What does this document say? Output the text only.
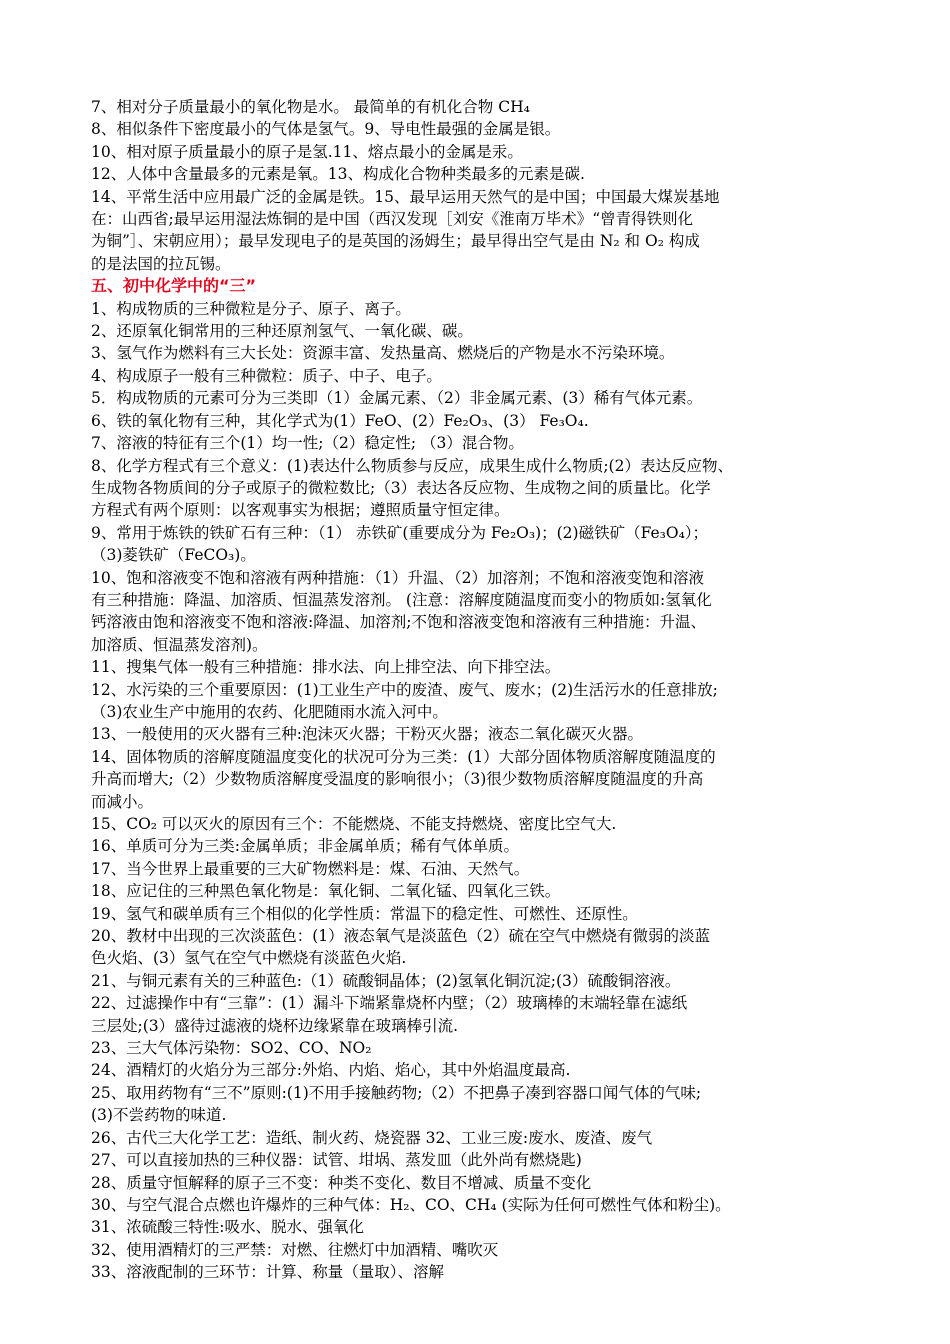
7、相对分子质量最小的氧化物是水。 最简单的有机化合物 CH₄
8、相似条件下密度最小的气体是氢气。9、导电性最强的金属是银。
10、相对原子质量最小的原子是氢.11、熔点最小的金属是汞。
12、人体中含量最多的元素是氧。13、构成化合物种类最多的元素是碳.
14、平常生活中应用最广泛的金属是铁。15、最早运用天然气的是中国；中国最大煤炭基地
在：山西省;最早运用湿法炼铜的是中国（西汉发现［刘安《淮南万毕术》“曾青得铁则化
为铜”］、宋朝应用）；最早发现电子的是英国的汤姆生；最早得出空气是由 N₂ 和 O₂ 构成
的是法国的拉瓦锡。
五、初中化学中的“三”
1、构成物质的三种微粒是分子、原子、离子。
2、还原氧化铜常用的三种还原剂氢气、一氧化碳、碳。
3、氢气作为燃料有三大长处：资源丰富、发热量高、燃烧后的产物是水不污染环境。
4、构成原子一般有三种微粒：质子、中子、电子。
5．构成物质的元素可分为三类即（1）金属元素、（2）非金属元素、(3）稀有气体元素。
6、铁的氧化物有三种，其化学式为(1）FeO、(2）Fe₂O₃、(3） Fe₃O₄.
7、溶液的特征有三个(1）均一性;（2）稳定性; （3）混合物。
8、化学方程式有三个意义：(1)表达什么物质参与反应，成果生成什么物质;(2）表达反应物、
生成物各物质间的分子或原子的微粒数比;（3）表达各反应物、生成物之间的质量比。化学
方程式有两个原则：以客观事实为根据；遵照质量守恒定律。
9、常用于炼铁的铁矿石有三种：（1） 赤铁矿(重要成分为 Fe₂O₃)；(2)磁铁矿（Fe₃O₄）；
（3)菱铁矿（FeCO₃)。
10、饱和溶液变不饱和溶液有两种措施：（1）升温、（2）加溶剂；不饱和溶液变饱和溶液
有三种措施：降温、加溶质、恒温蒸发溶剂。 (注意：溶解度随温度而变小的物质如:氢氧化
钙溶液由饱和溶液变不饱和溶液:降温、加溶剂;不饱和溶液变饱和溶液有三种措施：升温、
加溶质、恒温蒸发溶剂)。
11、搜集气体一般有三种措施：排水法、向上排空法、向下排空法。
12、水污染的三个重要原因：(1)工业生产中的废渣、废气、废水；(2)生活污水的任意排放;
（3)农业生产中施用的农药、化肥随雨水流入河中。
13、一般使用的灭火器有三种:泡沫灭火器；干粉灭火器；液态二氧化碳灭火器。
14、固体物质的溶解度随温度变化的状况可分为三类：(1）大部分固体物质溶解度随温度的
升高而增大;（2）少数物质溶解度受温度的影响很小；（3)很少数物质溶解度随温度的升高
而减小。
15、CO₂ 可以灭火的原因有三个：不能燃烧、不能支持燃烧、密度比空气大.
16、单质可分为三类:金属单质；非金属单质；稀有气体单质。
17、当今世界上最重要的三大矿物燃料是：煤、石油、天然气。
18、应记住的三种黑色氧化物是：氧化铜、二氧化锰、四氧化三铁。
19、氢气和碳单质有三个相似的化学性质：常温下的稳定性、可燃性、还原性。
20、教材中出现的三次淡蓝色：(1）液态氧气是淡蓝色（2）硫在空气中燃烧有微弱的淡蓝
色火焰、(3）氢气在空气中燃烧有淡蓝色火焰.
21、与铜元素有关的三种蓝色:（1）硫酸铜晶体；(2)氢氧化铜沉淀;(3）硫酸铜溶液。
22、过滤操作中有“三靠”：(1）漏斗下端紧靠烧杯内壁；（2）玻璃棒的末端轻靠在滤纸
三层处;(3）盛待过滤液的烧杯边缘紧靠在玻璃棒引流.
23、三大气体污染物：SO2、CO、NO₂
24、酒精灯的火焰分为三部分:外焰、内焰、焰心，其中外焰温度最高.
25、取用药物有“三不”原则:(1)不用手接触药物;（2）不把鼻子凑到容器口闻气体的气味;
(3)不尝药物的味道.
26、古代三大化学工艺：造纸、制火药、烧瓷器 32、工业三废:废水、废渣、废气
27、可以直接加热的三种仪器：试管、坩埚、蒸发皿（此外尚有燃烧匙)
28、质量守恒解释的原子三不变：种类不变化、数目不增减、质量不变化
30、与空气混合点燃也许爆炸的三种气体：H₂、CO、CH₄ (实际为任何可燃性气体和粉尘)。
31、浓硫酸三特性:吸水、脱水、强氧化
32、使用酒精灯的三严禁：对燃、往燃灯中加酒精、嘴吹灭
33、溶液配制的三环节：计算、称量（量取）、溶解
